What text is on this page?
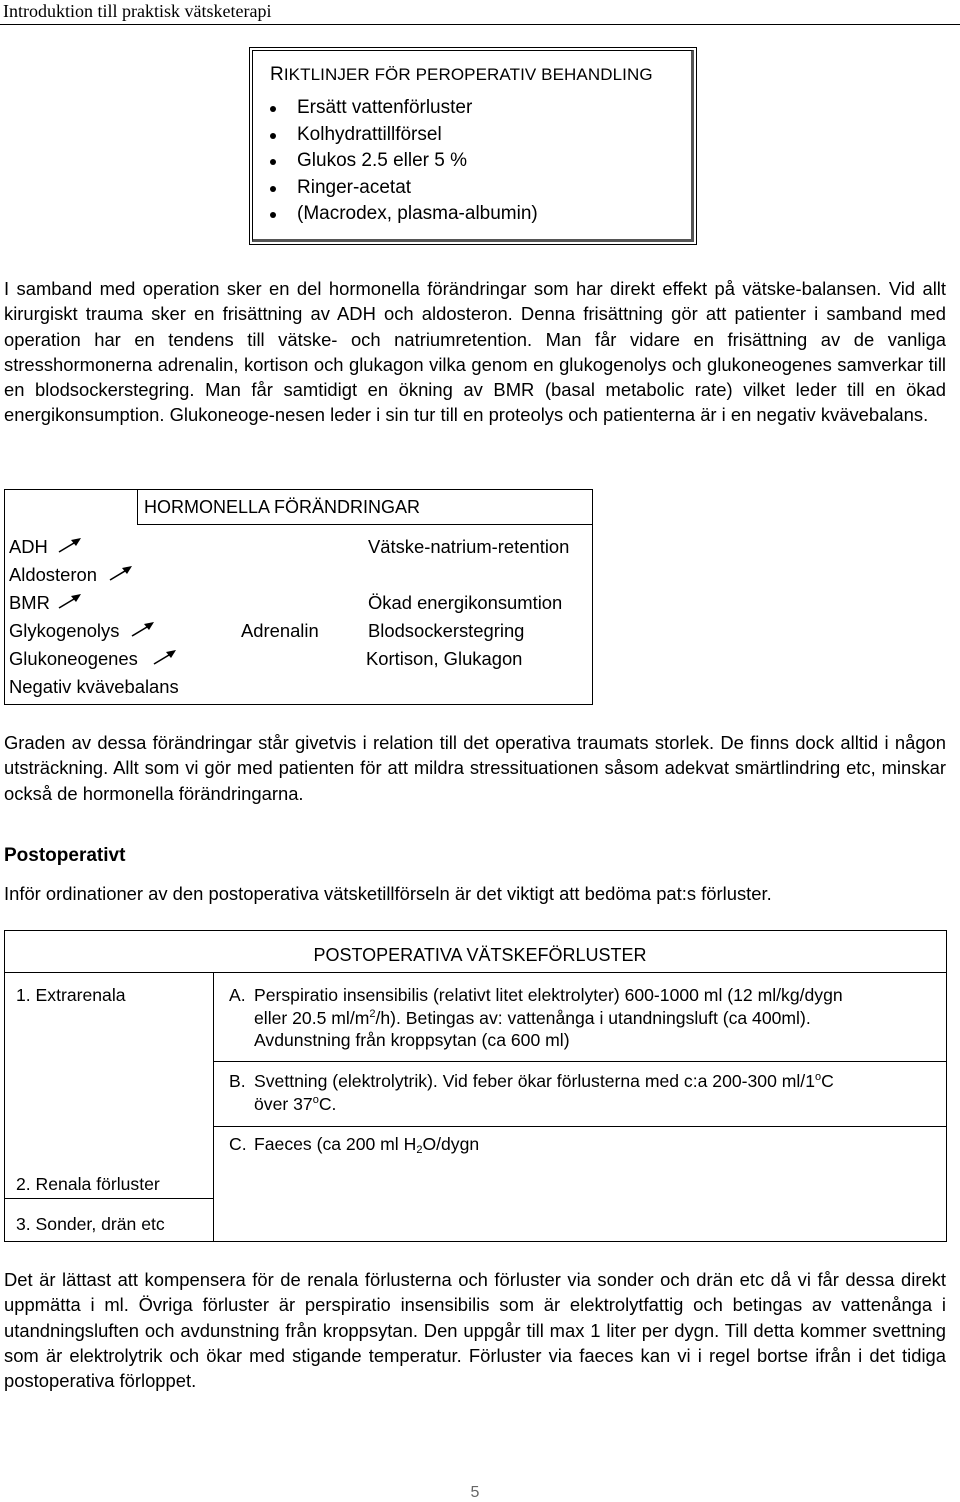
Introduktion till praktisk vätsketerapi
RIKTLINJER FÖR PEROPERATIV BEHANDLING
Ersätt vattenförluster
Kolhydrattillförsel
Glukos 2.5 eller 5 %
Ringer-acetat
(Macrodex, plasma-albumin)

I samband med operation sker en del hormonella förändringar som har direkt effekt på vätske-balansen. Vid allt kirurgiskt trauma sker en frisättning av ADH och aldosteron. Denna frisättning gör att patienter i samband med operation har en tendens till vätske- och natriumretention. Man får vidare en frisättning av de vanliga stresshormonerna adrenalin, kortison och glukagon vilka genom en glukogenolys och glukoneogenes samverkar till en blodsockerstegring. Man får samtidigt en ökning av BMR (basal metabolic rate) vilket leder till en ökad energikonsumption. Glukoneoge-nesen leder i sin tur till en proteolys och patienterna är i en negativ kvävebalans.

HORMONELLA FÖRÄNDRINGAR
ADH
Aldosteron
BMR
Glykogenolys
Glukoneogenes
Negativ kvävebalans
Adrenalin
Vätske-natrium-retention
Ökad energikonsumtion
Blodsockerstegring
Kortison, Glukagon

Graden av dessa förändringar står givetvis i relation till det operativa traumats storlek. De finns dock alltid i någon utsträckning. Allt som vi gör med patienten för att mildra stressituationen såsom adekvat smärtlindring etc, minskar också de hormonella förändringarna.

Postoperativt

Inför ordinationer av den postoperativa vätsketillförseln är det viktigt att bedöma pat:s förluster.

POSTOPERATIVA VÄTSKEFÖRLUSTER
1. Extrarenala	A. Perspiratio insensibilis (relativt litet elektrolyter) 600-1000 ml (12 ml/kg/dygn
eller 20.5 $ml/m^2/h$). Betingas av: vattenånga i utandningsluft (ca 400ml).
Avdunstning från kroppsytan (ca 600 ml)
B. Svettning (elektrolytrik). Vid feber ökar förlusterna med c:a 200-300 ml/1$^o$C
över 37$^o$C.
C. Faeces (ca 200 ml $H_2O$/dygn
2. Renala förluster
3. Sonder, drän etc

Det är lättast att kompensera för de renala förlusterna och förluster via sonder och drän etc då vi får dessa direkt uppmätta i ml. Övriga förluster är perspiratio insensibilis som är elektrolytfattig och betingas av vattenånga i utandningsluften och avdunstning från kroppsytan. Den uppgår till max 1 liter per dygn. Till detta kommer svettning som är elektrolytrik och ökar med stigande temperatur. Förluster via faeces kan vi i regel bortse ifrån i det tidiga postoperativa förloppet.

5
